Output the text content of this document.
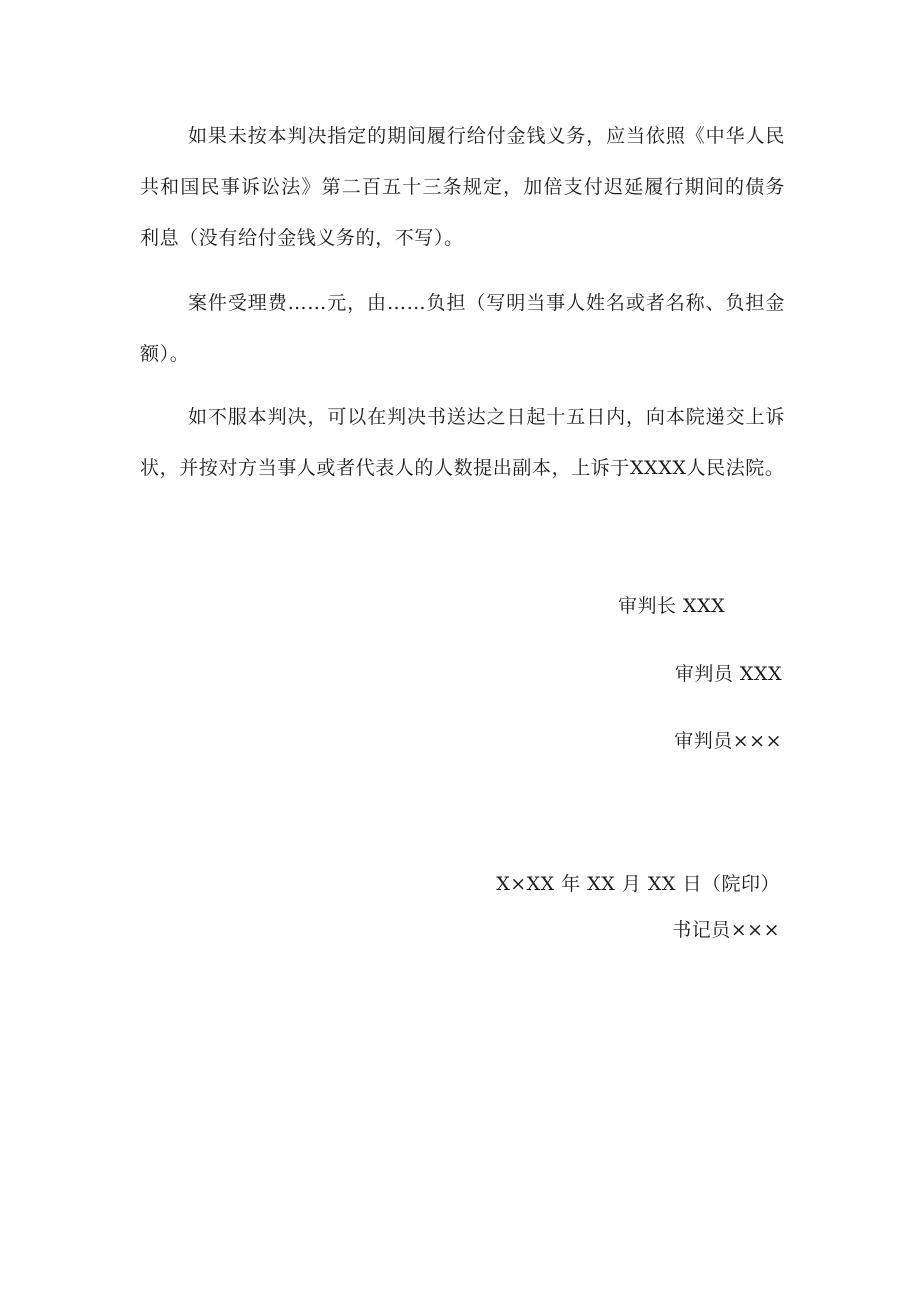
如果未按本判决指定的期间履行给付金钱义务，应当依照《中华人民共和国民事诉讼法》第二百五十三条规定，加倍支付迟延履行期间的债务利息（没有给付金钱义务的，不写）。

案件受理费……元，由……负担（写明当事人姓名或者名称、负担金额）。

如不服本判决，可以在判决书送达之日起十五日内，向本院递交上诉状，并按对方当事人或者代表人的人数提出副本，上诉于XXXX人民法院。

审判长 XXX
审判员 XXX
审判员×××
X×XX 年 XX 月 XX 日（院印）
书记员×××
